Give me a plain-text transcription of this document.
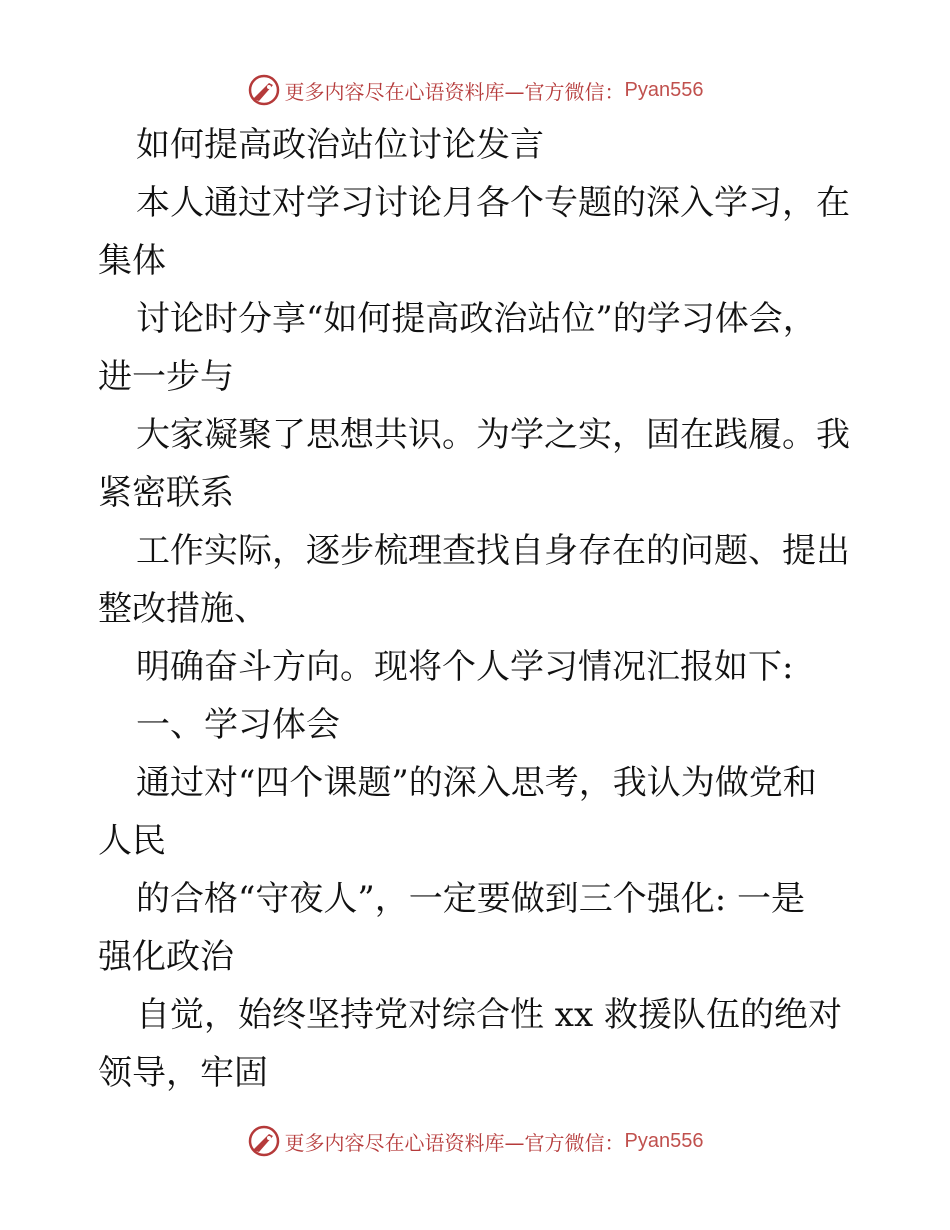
更多内容尽在心语资料库—官方微信： Pyan556
如何提高政治站位讨论发言
本人通过对学习讨论月各个专题的深入学习，在
集体
讨论时分享“如何提高政治站位”的学习体会，
进一步与
大家凝聚了思想共识。为学之实，固在践履。我
紧密联系
工作实际，逐步梳理查找自身存在的问题、提出
整改措施、
明确奋斗方向。现将个人学习情况汇报如下:
一、学习体会
通过对“四个课题”的深入思考，我认为做党和
人民
的合格“守夜人”，一定要做到三个强化: 一是
强化政治
自觉，始终坚持党对综合性 xx 救援队伍的绝对
领导，牢固
更多内容尽在心语资料库—官方微信： Pyan556
